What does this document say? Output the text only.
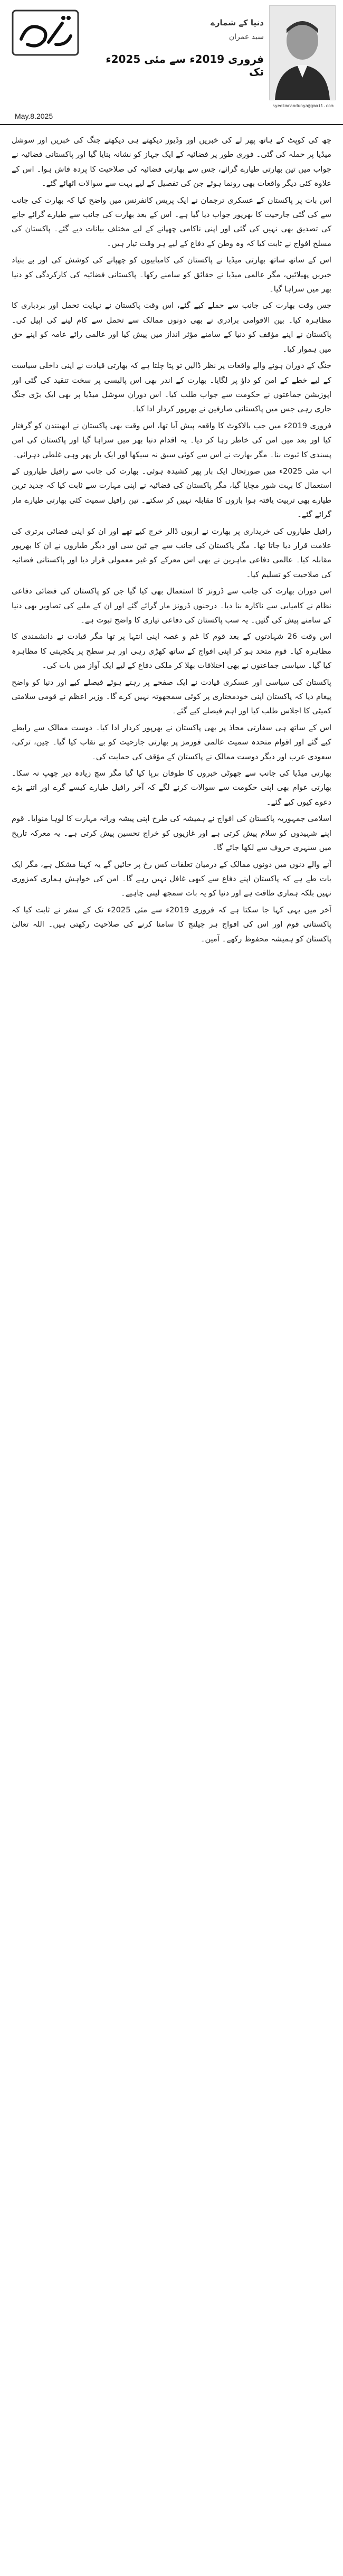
دنیا کے شمارے
سید عمران
فروری 2019ء سے مئی 2025ء تک
May.8.2025
syedimrandunya@gmail.com

چھ کی کوپٹ کے ہاتھ پھر لے کی خبریں اور وڈیوز دیکھتے ہی دیکھتے جنگ کی خبریں اور سوشل میڈیا پر حملہ کی گئی۔ فوری طور پر فضائیہ کے ایک جہاز کو نشانہ بنایا گیا اور پاکستانی فضائیہ نے جواب میں تین بھارتی طیارے گرائے، جس سے بھارتی فضائیہ کی صلاحیت کا پردہ فاش ہوا۔ اس کے علاوہ کئی دیگر واقعات بھی رونما ہوئے جن کی تفصیل کے لیے بہت سے سوالات اٹھائے گئے۔

اس بات پر پاکستان کے عسکری ترجمان نے ایک پریس کانفرنس میں واضح کیا کہ بھارت کی جانب سے کی گئی جارحیت کا بھرپور جواب دیا گیا ہے۔ اس کے بعد بھارت کی جانب سے طیارے گرائے جانے کی تصدیق بھی نہیں کی گئی اور اپنی ناکامی چھپانے کے لیے مختلف بیانات دیے گئے۔ پاکستان کی مسلح افواج نے ثابت کیا کہ وہ وطن کے دفاع کے لیے ہر وقت تیار ہیں۔

اس کے ساتھ ساتھ بھارتی میڈیا نے پاکستان کی کامیابیوں کو چھپانے کی کوشش کی اور بے بنیاد خبریں پھیلائیں، مگر عالمی میڈیا نے حقائق کو سامنے رکھا۔ پاکستانی فضائیہ کی کارکردگی کو دنیا بھر میں سراہا گیا۔

جس وقت بھارت کی جانب سے حملے کیے گئے، اس وقت پاکستان نے نہایت تحمل اور بردباری کا مظاہرہ کیا۔ بین الاقوامی برادری نے بھی دونوں ممالک سے تحمل سے کام لینے کی اپیل کی۔ پاکستان نے اپنے مؤقف کو دنیا کے سامنے مؤثر انداز میں پیش کیا اور عالمی رائے عامہ کو اپنے حق میں ہموار کیا۔

جنگ کے دوران ہونے والے واقعات پر نظر ڈالیں تو پتا چلتا ہے کہ بھارتی قیادت نے اپنی داخلی سیاست کے لیے خطے کے امن کو داؤ پر لگایا۔ بھارت کے اندر بھی اس پالیسی پر سخت تنقید کی گئی اور اپوزیشن جماعتوں نے حکومت سے جواب طلب کیا۔ اس دوران سوشل میڈیا پر بھی ایک بڑی جنگ جاری رہی جس میں پاکستانی صارفین نے بھرپور کردار ادا کیا۔

فروری 2019ء میں جب بالاکوٹ کا واقعہ پیش آیا تھا، اس وقت بھی پاکستان نے ابھینندن کو گرفتار کیا اور بعد میں امن کی خاطر رہا کر دیا۔ یہ اقدام دنیا بھر میں سراہا گیا اور پاکستان کی امن پسندی کا ثبوت بنا۔ مگر بھارت نے اس سے کوئی سبق نہ سیکھا اور ایک بار پھر وہی غلطی دہرائی۔

اب مئی 2025ء میں صورتحال ایک بار پھر کشیدہ ہوئی۔ بھارت کی جانب سے رافیل طیاروں کے استعمال کا بہت شور مچایا گیا، مگر پاکستان کی فضائیہ نے اپنی مہارت سے ثابت کیا کہ جدید ترین طیارے بھی تربیت یافتہ ہوا بازوں کا مقابلہ نہیں کر سکتے۔ تین رافیل سمیت کئی بھارتی طیارے مار گرائے گئے۔

رافیل طیاروں کی خریداری پر بھارت نے اربوں ڈالر خرچ کیے تھے اور ان کو اپنی فضائی برتری کی علامت قرار دیا جاتا تھا۔ مگر پاکستان کی جانب سے جے ٹین سی اور دیگر طیاروں نے ان کا بھرپور مقابلہ کیا۔ عالمی دفاعی ماہرین نے بھی اس معرکے کو غیر معمولی قرار دیا اور پاکستانی فضائیہ کی صلاحیت کو تسلیم کیا۔

اس دوران بھارت کی جانب سے ڈرونز کا استعمال بھی کیا گیا جن کو پاکستان کی فضائی دفاعی نظام نے کامیابی سے ناکارہ بنا دیا۔ درجنوں ڈرونز مار گرائے گئے اور ان کے ملبے کی تصاویر بھی دنیا کے سامنے پیش کی گئیں۔ یہ سب پاکستان کی دفاعی تیاری کا واضح ثبوت ہے۔

اس وقت 26 شہادتوں کے بعد قوم کا غم و غصہ اپنی انتہا پر تھا مگر قیادت نے دانشمندی کا مظاہرہ کیا۔ قوم متحد ہو کر اپنی افواج کے ساتھ کھڑی رہی اور ہر سطح پر یکجہتی کا مظاہرہ کیا گیا۔ سیاسی جماعتوں نے بھی اختلافات بھلا کر ملکی دفاع کے لیے ایک آواز میں بات کی۔

پاکستان کی سیاسی اور عسکری قیادت نے ایک صفحے پر رہتے ہوئے فیصلے کیے اور دنیا کو واضح پیغام دیا کہ پاکستان اپنی خودمختاری پر کوئی سمجھوتہ نہیں کرے گا۔ وزیر اعظم نے قومی سلامتی کمیٹی کا اجلاس طلب کیا اور اہم فیصلے کیے گئے۔

اس کے ساتھ ہی سفارتی محاذ پر بھی پاکستان نے بھرپور کردار ادا کیا۔ دوست ممالک سے رابطے کیے گئے اور اقوام متحدہ سمیت عالمی فورمز پر بھارتی جارحیت کو بے نقاب کیا گیا۔ چین، ترکی، سعودی عرب اور دیگر دوست ممالک نے پاکستان کے مؤقف کی حمایت کی۔

بھارتی میڈیا کی جانب سے جھوٹی خبروں کا طوفان برپا کیا گیا مگر سچ زیادہ دیر چھپ نہ سکا۔ بھارتی عوام بھی اپنی حکومت سے سوالات کرنے لگے کہ آخر رافیل طیارے کیسے گرے اور اتنے بڑے دعوے کیوں کیے گئے۔

اسلامی جمہوریہ پاکستان کی افواج نے ہمیشہ کی طرح اپنی پیشہ ورانہ مہارت کا لوہا منوایا۔ قوم اپنے شہیدوں کو سلام پیش کرتی ہے اور غازیوں کو خراج تحسین پیش کرتی ہے۔ یہ معرکہ تاریخ میں سنہری حروف سے لکھا جائے گا۔

آنے والے دنوں میں دونوں ممالک کے درمیان تعلقات کس رخ پر جائیں گے یہ کہنا مشکل ہے، مگر ایک بات طے ہے کہ پاکستان اپنے دفاع سے کبھی غافل نہیں رہے گا۔ امن کی خواہش ہماری کمزوری نہیں بلکہ ہماری طاقت ہے اور دنیا کو یہ بات سمجھ لینی چاہیے۔

آخر میں یہی کہا جا سکتا ہے کہ فروری 2019ء سے مئی 2025ء تک کے سفر نے ثابت کیا کہ پاکستانی قوم اور اس کی افواج ہر چیلنج کا سامنا کرنے کی صلاحیت رکھتی ہیں۔ اللہ تعالیٰ پاکستان کو ہمیشہ محفوظ رکھے۔ آمین۔
